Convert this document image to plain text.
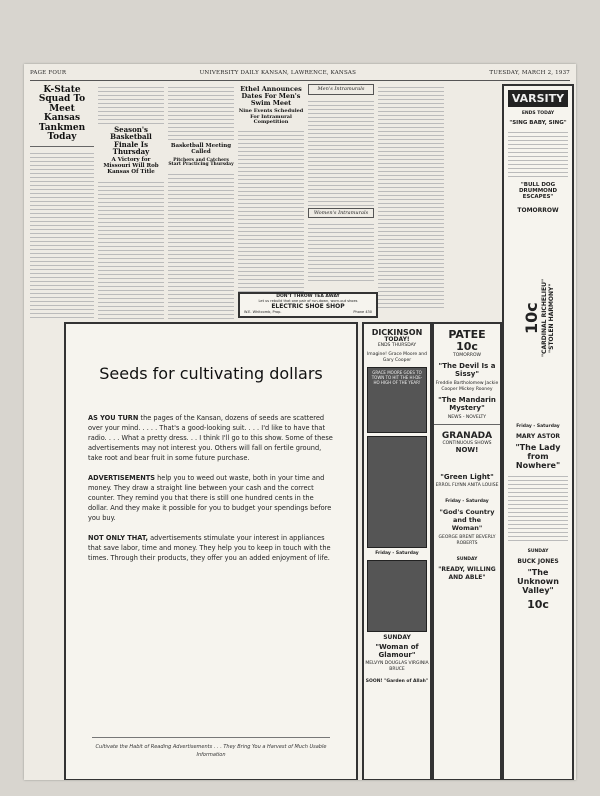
PAGE FOUR	UNIVERSITY DAILY KANSAN, LAWRENCE, KANSAS	TUESDAY, MARCH 2, 1937
K-State Squad To Meet Kansas Tankmen Today
Season's Basketball Finale Is Thursday
A Victory for Missouri Will Rob Kansas Of Title
Basketball Meeting Called
Pitchers and Catchers Start Practicing Thursday
Ethel Announces Dates For Men's Swim Meet
Nine Events Scheduled For Intramural Competition
Men's Intramurals
Women's Intramurals
DON'T THROW TEA AWAY
Let us rebuild that one pair of run-down, worn-out shoes
ELECTRIC SHOE SHOP
W.E. Whitcomb, Prop.	Phone 430
Seeds for cultivating dollars

AS YOU TURN the pages of the Kansan, dozens of seeds are scattered over your mind. . . . . That's a good-looking suit. . . . I'd like to have that radio. . . . What a pretty dress. . . I think I'll go to this show. Some of these advertisements may not interest you. Others will fall on fertile ground, take root and bear fruit in some future purchase.

ADVERTISEMENTS help you to weed out waste, both in your time and money. They draw a straight line between your cash and the correct counter. They remind you that there is still one hundred cents in the dollar. And they make it possible for you to budget your spendings before you buy.

NOT ONLY THAT, advertisements stimulate your interest in appliances that save labor, time and money. They help you to keep in touch with the times. Through their products, they offer you an added enjoyment of life.

Cultivate the Habit of Reading Advertisements . . . They Bring You a Harvest of Much Usable Information
DICKINSON
TODAY!
ENDS THURSDAY
Imagine! Grace Moore and Gary Cooper
GRACE MOORE GOES TO TOWN TO HIT THE HI-DE-HO HIGH OF THE YEAR!
Friday - Saturday
SUNDAY
"Woman of Glamour"
MELVYN DOUGLAS VIRGINIA BRUCE
SOON! "Garden of Allah"
PATEE
10c
TOMORROW
"The Devil Is a Sissy"
Freddie Bartholomew Jackie Cooper Mickey Rooney
"The Mandarin Mystery"
NEWS - NOVELTY
GRANADA
CONTINUOUS SHOWS
NOW!
"Green Light"
ERROL FLYNN ANITA LOUISE
Friday - Saturday
"God's Country and the Woman"
GEORGE BRENT BEVERLY ROBERTS
SUNDAY
"READY, WILLING AND ABLE"
VARSITY
ENDS TODAY
"SING BABY, SING"
"BULL DOG DRUMMOND ESCAPES"
TOMORROW
10c "CARDINAL RICHELIEU" "STOLEN HARMONY"
Friday - Saturday
MARY ASTOR
"The Lady from Nowhere"
SUNDAY
BUCK JONES
"The Unknown Valley"
10c
